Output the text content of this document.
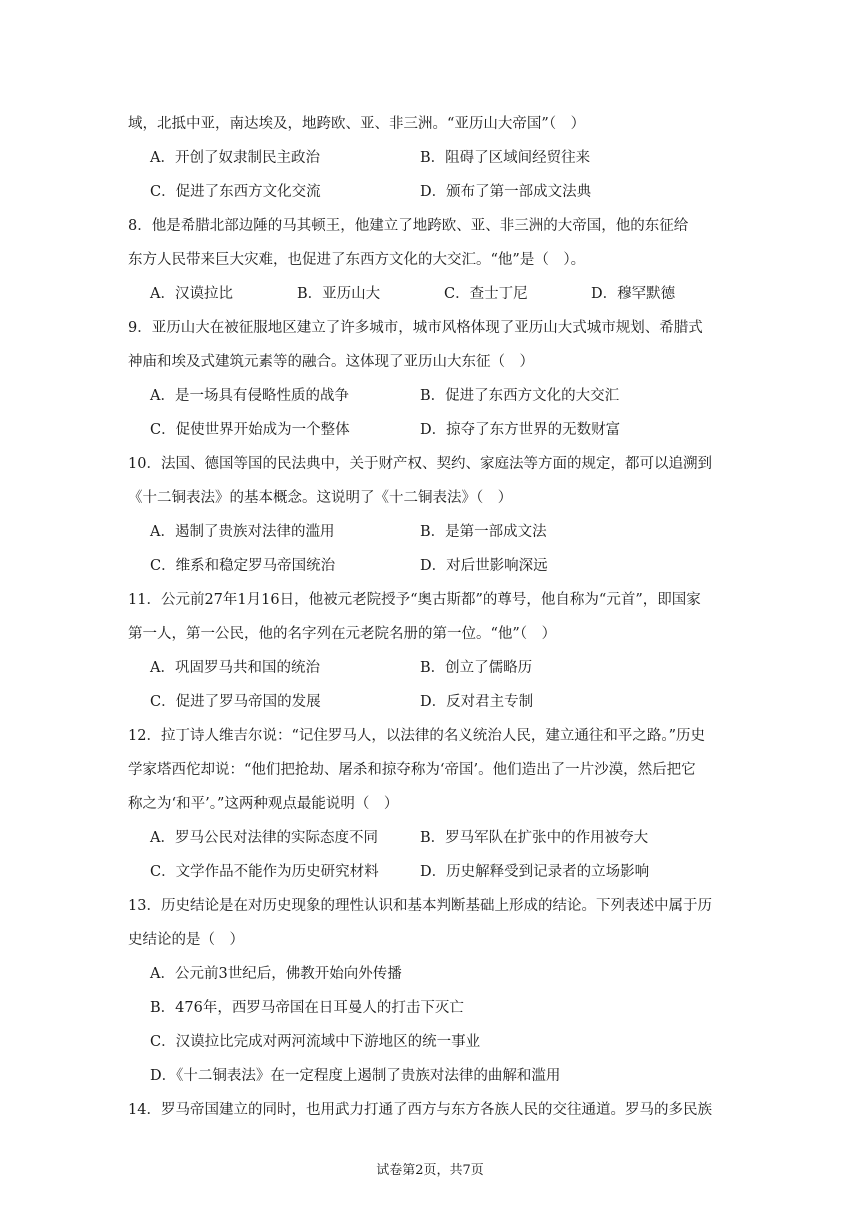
域，北抵中亚，南达埃及，地跨欧、亚、非三洲。“亚历山大帝国”（　）
A．开创了奴隶制民主政治	B．阻碍了区域间经贸往来
C．促进了东西方文化交流	D．颁布了第一部成文法典
8．他是希腊北部边陲的马其顿王，他建立了地跨欧、亚、非三洲的大帝国，他的东征给
东方人民带来巨大灾难，也促进了东西方文化的大交汇。“他”是（　）。
A．汉谟拉比	B．亚历山大	C．查士丁尼	D．穆罕默德
9．亚历山大在被征服地区建立了许多城市，城市风格体现了亚历山大式城市规划、希腊式
神庙和埃及式建筑元素等的融合。这体现了亚历山大东征（　）
A．是一场具有侵略性质的战争	B．促进了东西方文化的大交汇
C．促使世界开始成为一个整体	D．掠夺了东方世界的无数财富
10．法国、德国等国的民法典中，关于财产权、契约、家庭法等方面的规定，都可以追溯到
《十二铜表法》的基本概念。这说明了《十二铜表法》（　）
A．遏制了贵族对法律的滥用	B．是第一部成文法
C．维系和稳定罗马帝国统治	D．对后世影响深远
11．公元前27年1月16日，他被元老院授予“奥古斯都”的尊号，他自称为“元首”，即国家
第一人，第一公民，他的名字列在元老院名册的第一位。“他”（　）
A．巩固罗马共和国的统治	B．创立了儒略历
C．促进了罗马帝国的发展	D．反对君主专制
12．拉丁诗人维吉尔说：“记住罗马人，以法律的名义统治人民，建立通往和平之路。”历史
学家塔西佗却说：“他们把抢劫、屠杀和掠夺称为‘帝国’。他们造出了一片沙漠，然后把它
称之为‘和平’。”这两种观点最能说明（　）
A．罗马公民对法律的实际态度不同	B．罗马军队在扩张中的作用被夸大
C．文学作品不能作为历史研究材料	D．历史解释受到记录者的立场影响
13．历史结论是在对历史现象的理性认识和基本判断基础上形成的结论。下列表述中属于历
史结论的是（　）
A．公元前3世纪后，佛教开始向外传播
B．476年，西罗马帝国在日耳曼人的打击下灭亡
C．汉谟拉比完成对两河流域中下游地区的统一事业
D．《十二铜表法》在一定程度上遏制了贵族对法律的曲解和滥用
14．罗马帝国建立的同时，也用武力打通了西方与东方各族人民的交往通道。罗马的多民族
试卷第2页，共7页
